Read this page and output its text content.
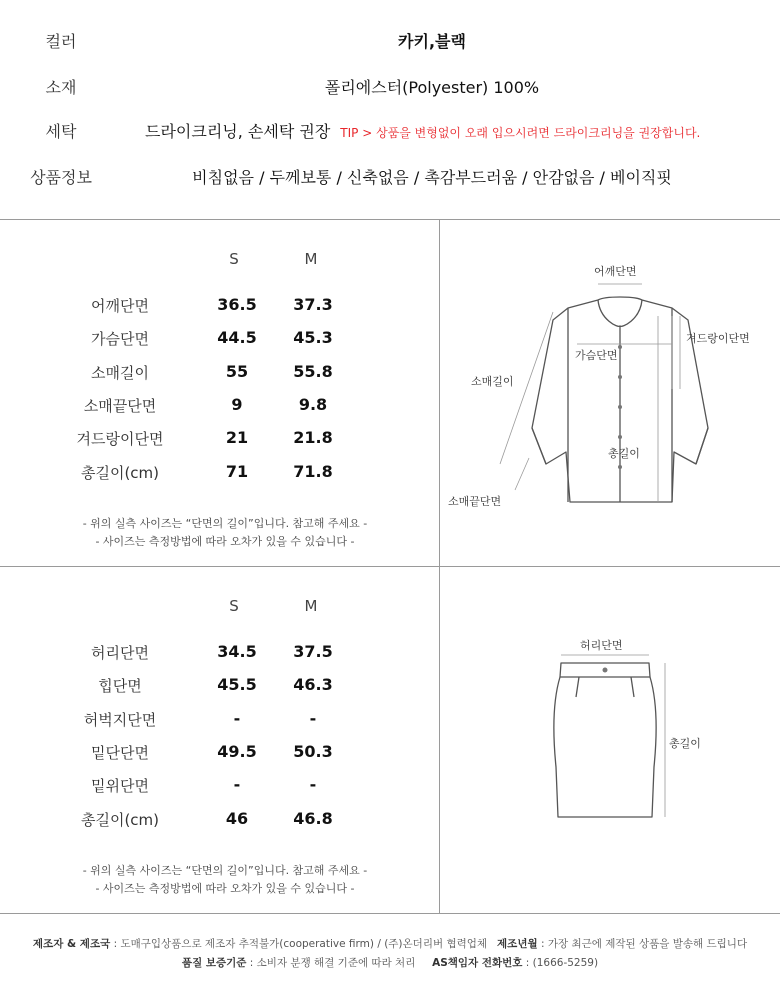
컬러	카키,블랙
소재	폴리에스터(Polyester) 100%
세탁	드라이크리닝, 손세탁 권장 TIP > 상품을 변형없이 오래 입으시려면 드라이크리닝을 권장합니다.
상품정보	비침없음 / 두께보통 / 신축없음 / 촉감부드러움 / 안감없음 / 베이직핏
S	M
어깨단면	36.5	37.3
가슴단면	44.5	45.3
소매길이	55	55.8
소매끝단면	9	9.8
겨드랑이단면	21	21.8
총길이(cm)	71	71.8
- 위의 실측 사이즈는 “단면의 길이”입니다. 참고해 주세요 -
- 사이즈는 측정방법에 따라 오차가 있을 수 있습니다 -
어깨단면
겨드랑이단면
가슴단면
소매길이
총길이
소매끝단면
S	M
허리단면	34.5	37.5
힙단면	45.5	46.3
허벅지단면	-	-
밑단단면	49.5	50.3
밑위단면	-	-
총길이(cm)	46	46.8
- 위의 실측 사이즈는 “단면의 길이”입니다. 참고해 주세요 -
- 사이즈는 측정방법에 따라 오차가 있을 수 있습니다 -
허리단면
총길이
제조자 & 제조국 : 도매구입상품으로 제조자 추적불가(cooperative firm) / (주)온더리버 협력업체 제조년월 : 가장 최근에 제작된 상품을 발송해 드립니다
품질 보증기준 : 소비자 분쟁 해결 기준에 따라 처리 AS책임자 전화번호 : (1666-5259)
